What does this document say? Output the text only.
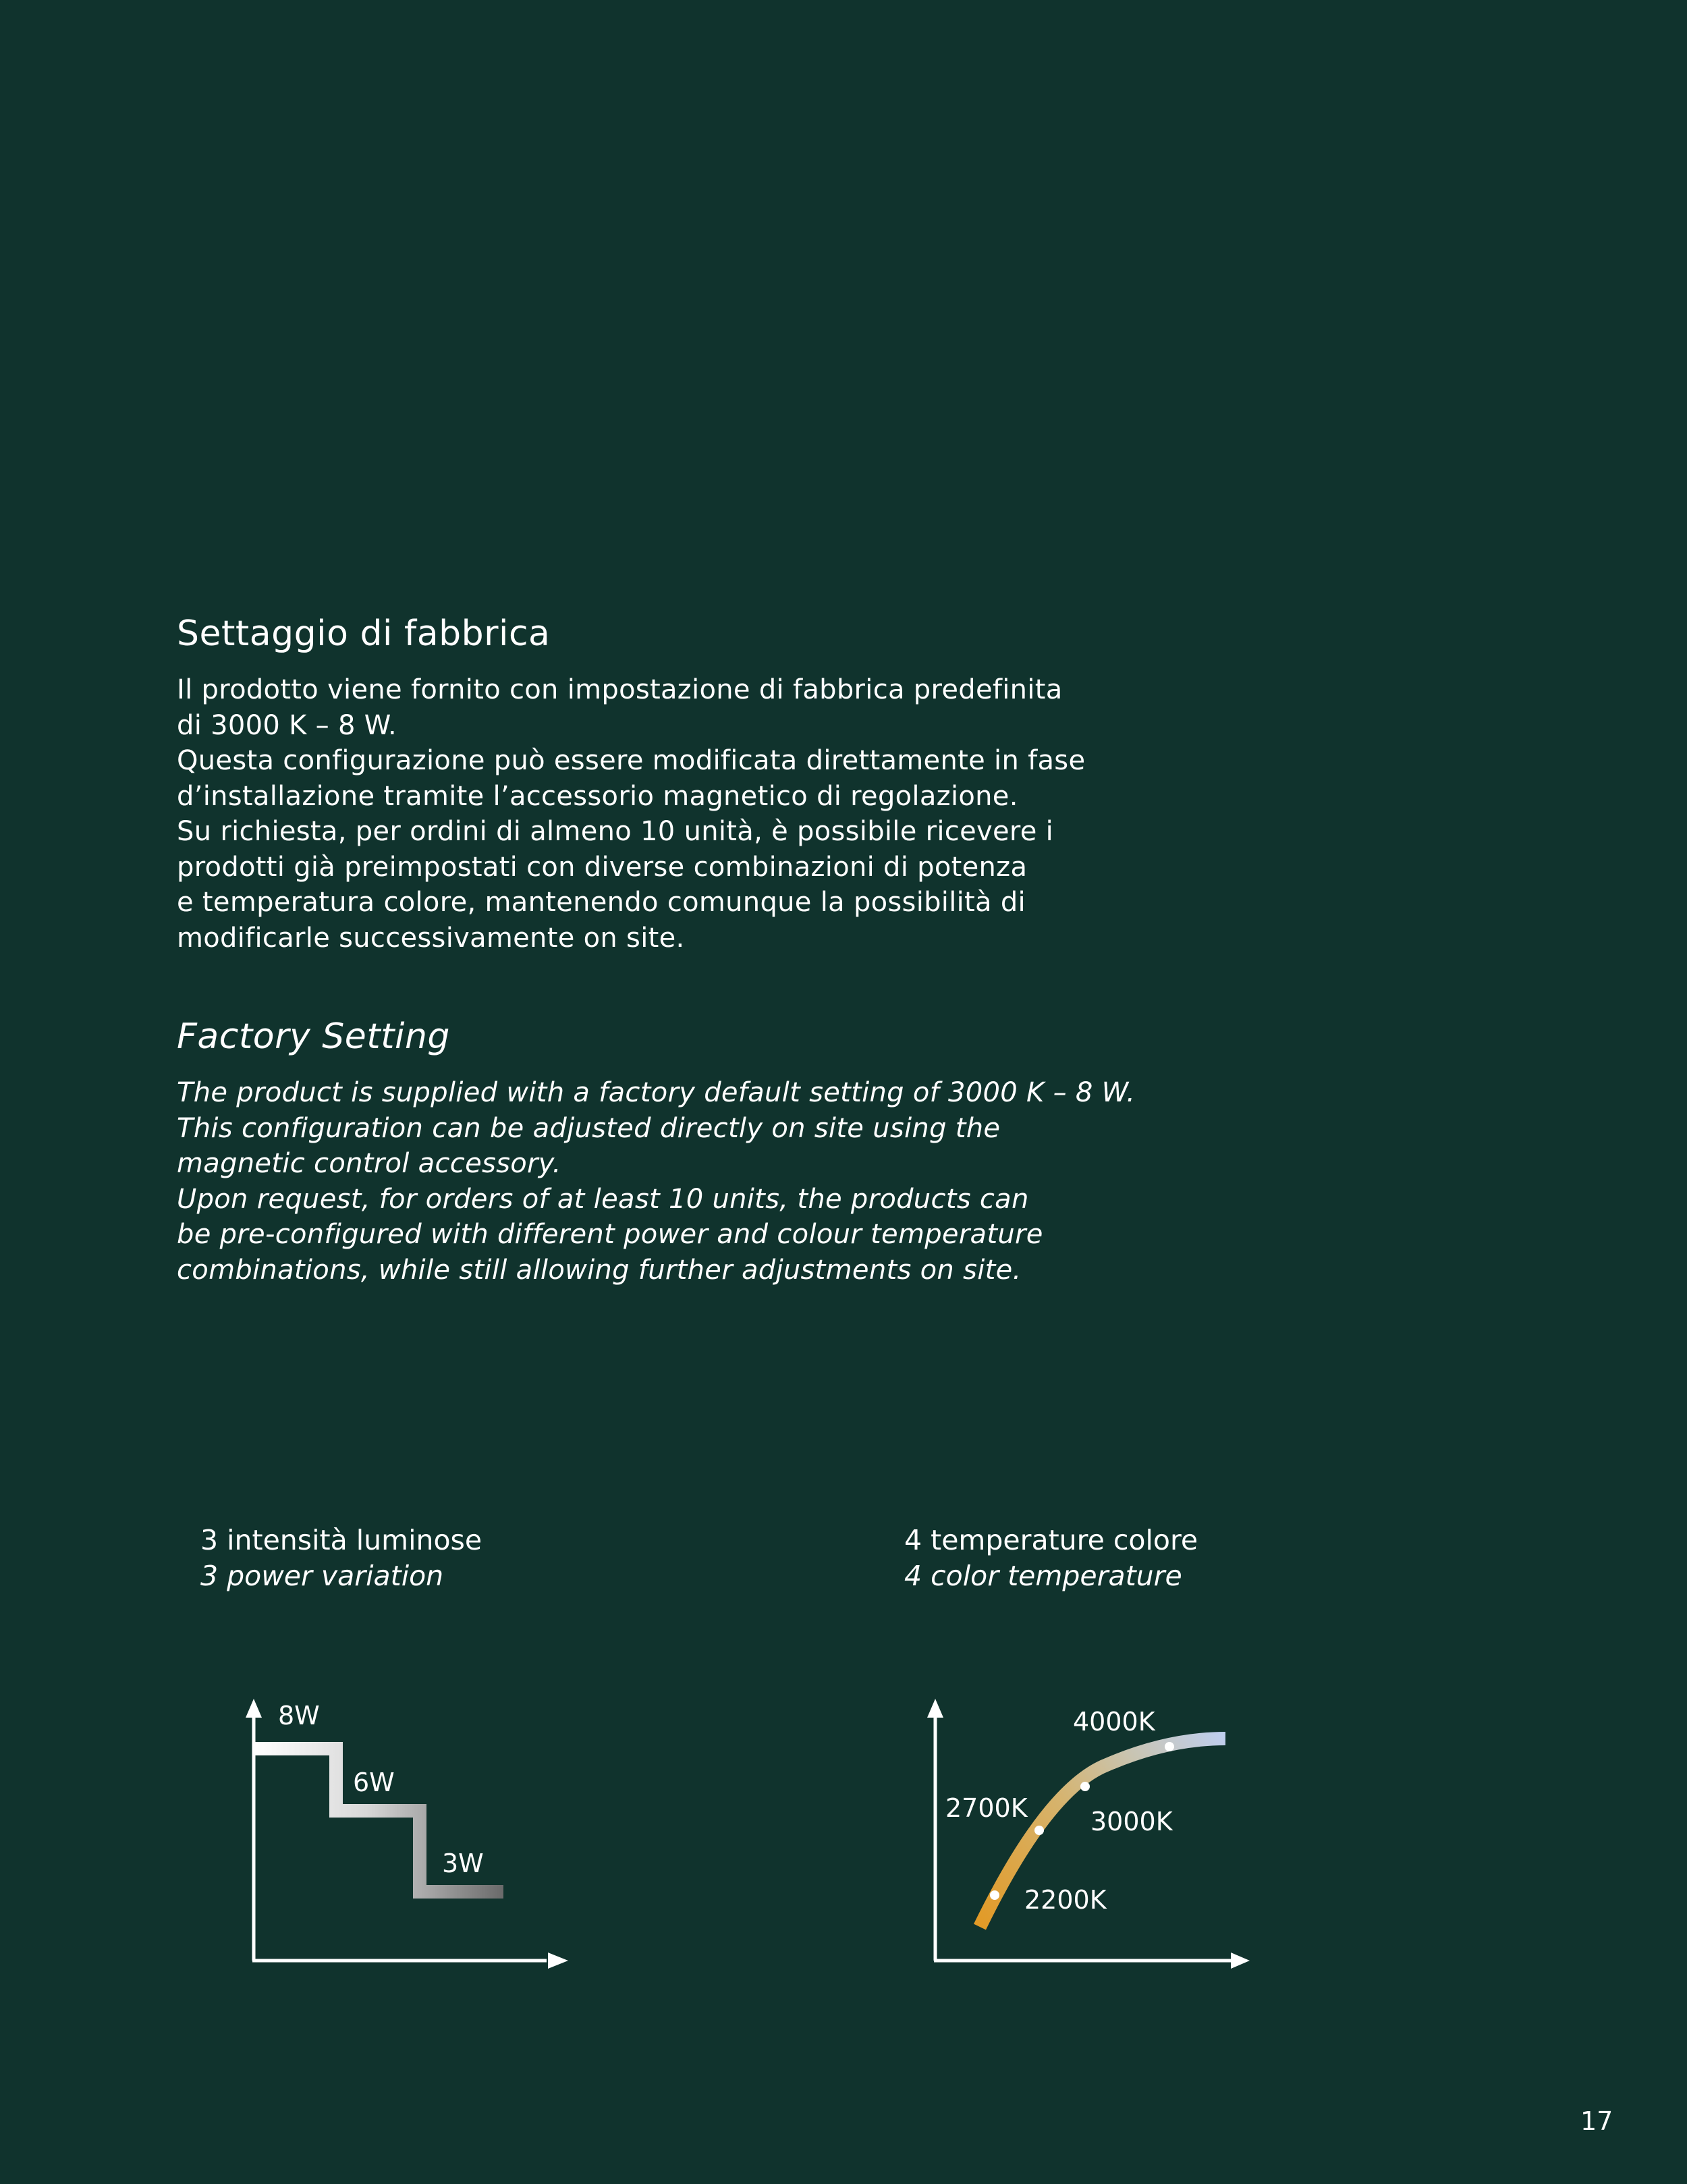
Settaggio di fabbrica

Il prodotto viene fornito con impostazione di fabbrica predefinita

di 3000 K – 8 W.

Questa configurazione può essere modificata direttamente in fase

d’installazione tramite l’accessorio magnetico di regolazione.

Su richiesta, per ordini di almeno 10 unità, è possibile ricevere i

prodotti già preimpostati con diverse combinazioni di potenza

e temperatura colore, mantenendo comunque la possibilità di

modificarle successivamente on site.

Factory Setting

The product is supplied with a factory default setting of 3000 K – 8 W.

This configuration can be adjusted directly on site using the

magnetic control accessory.

Upon request, for orders of at least 10 units, the products can

be pre-configured with different power and colour temperature

combinations, while still allowing further adjustments on site.

3 intensità luminose
3 power variation
4 temperature colore
4 color temperature
8W
6W
3W
2200K
2700K 3000K
4000K
17
